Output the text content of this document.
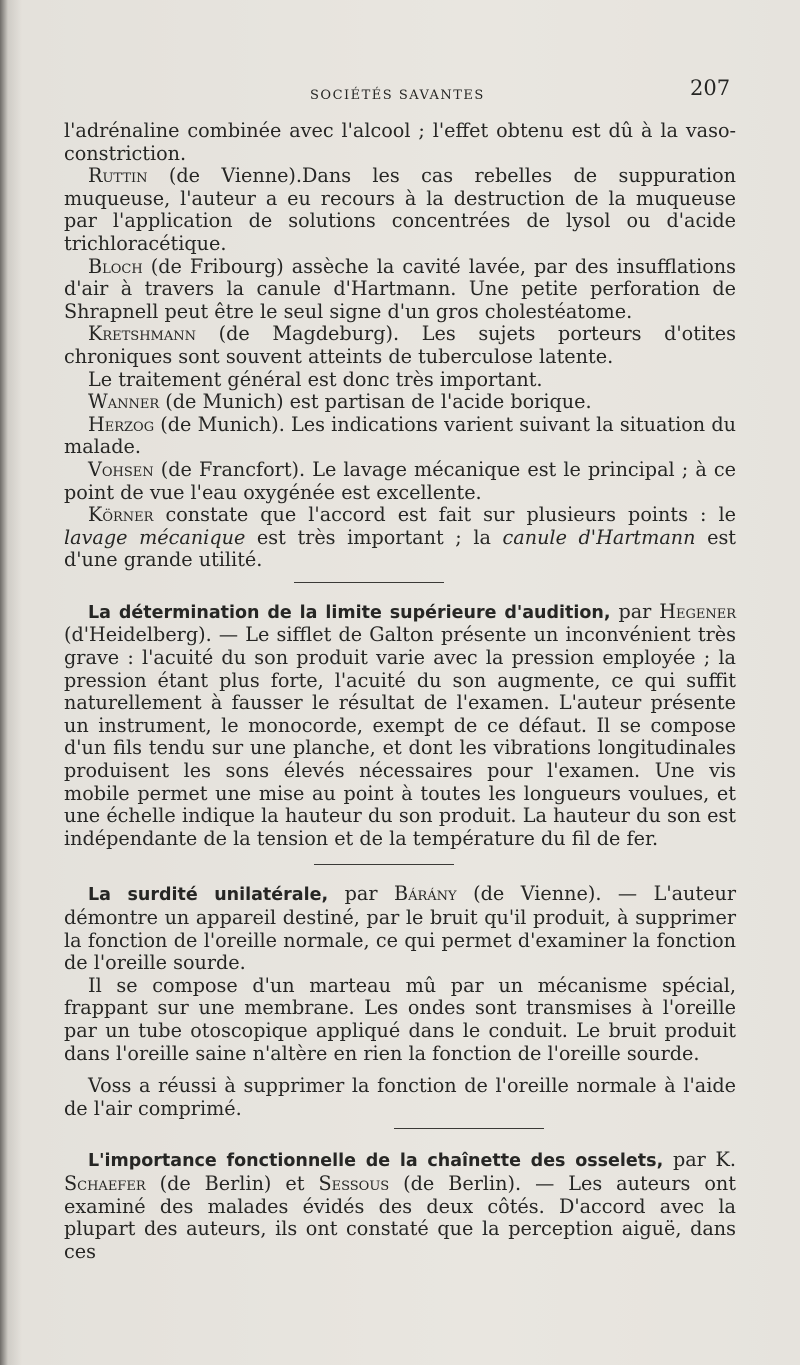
SOCIÉTÉS SAVANTES	207

l'adrénaline combinée avec l'alcool ; l'effet obtenu est dû à la vaso-constriction.

Ruttin (de Vienne).Dans les cas rebelles de suppuration muqueuse, l'auteur a eu recours à la destruction de la muqueuse par l'application de solutions concentrées de lysol ou d'acide trichloracétique.

Bloch (de Fribourg) assèche la cavité lavée, par des insufflations d'air à travers la canule d'Hartmann. Une petite perforation de Shrapnell peut être le seul signe d'un gros cholestéatome.

Kretshmann (de Magdeburg). Les sujets porteurs d'otites chroniques sont souvent atteints de tuberculose latente.

Le traitement général est donc très important.

Wanner (de Munich) est partisan de l'acide borique.

Herzog (de Munich). Les indications varient suivant la situation du malade.

Vohsen (de Francfort). Le lavage mécanique est le principal ; à ce point de vue l'eau oxygénée est excellente.

Körner constate que l'accord est fait sur plusieurs points : le lavage mécanique est très important ; la canule d'Hartmann est d'une grande utilité.

La détermination de la limite supérieure d'audition, par Hegener (d'Heidelberg). — Le sifflet de Galton présente un inconvénient très grave : l'acuité du son produit varie avec la pression employée ; la pression étant plus forte, l'acuité du son augmente, ce qui suffit naturellement à fausser le résultat de l'examen. L'auteur présente un instrument, le monocorde, exempt de ce défaut. Il se compose d'un fils tendu sur une planche, et dont les vibrations longitudinales produisent les sons élevés nécessaires pour l'examen. Une vis mobile permet une mise au point à toutes les longueurs voulues, et une échelle indique la hauteur du son produit. La hauteur du son est indépendante de la tension et de la température du fil de fer.

La surdité unilatérale, par Bárány (de Vienne). — L'auteur démontre un appareil destiné, par le bruit qu'il produit, à supprimer la fonction de l'oreille normale, ce qui permet d'examiner la fonction de l'oreille sourde.

Il se compose d'un marteau mû par un mécanisme spécial, frappant sur une membrane. Les ondes sont transmises à l'oreille par un tube otoscopique appliqué dans le conduit. Le bruit produit dans l'oreille saine n'altère en rien la fonction de l'oreille sourde.

Voss a réussi à supprimer la fonction de l'oreille normale à l'aide de l'air comprimé.

L'importance fonctionnelle de la chaînette des osselets, par K. Schaefer (de Berlin) et Sessous (de Berlin). — Les auteurs ont examiné des malades évidés des deux côtés. D'accord avec la plupart des auteurs, ils ont constaté que la perception aiguë, dans ces
